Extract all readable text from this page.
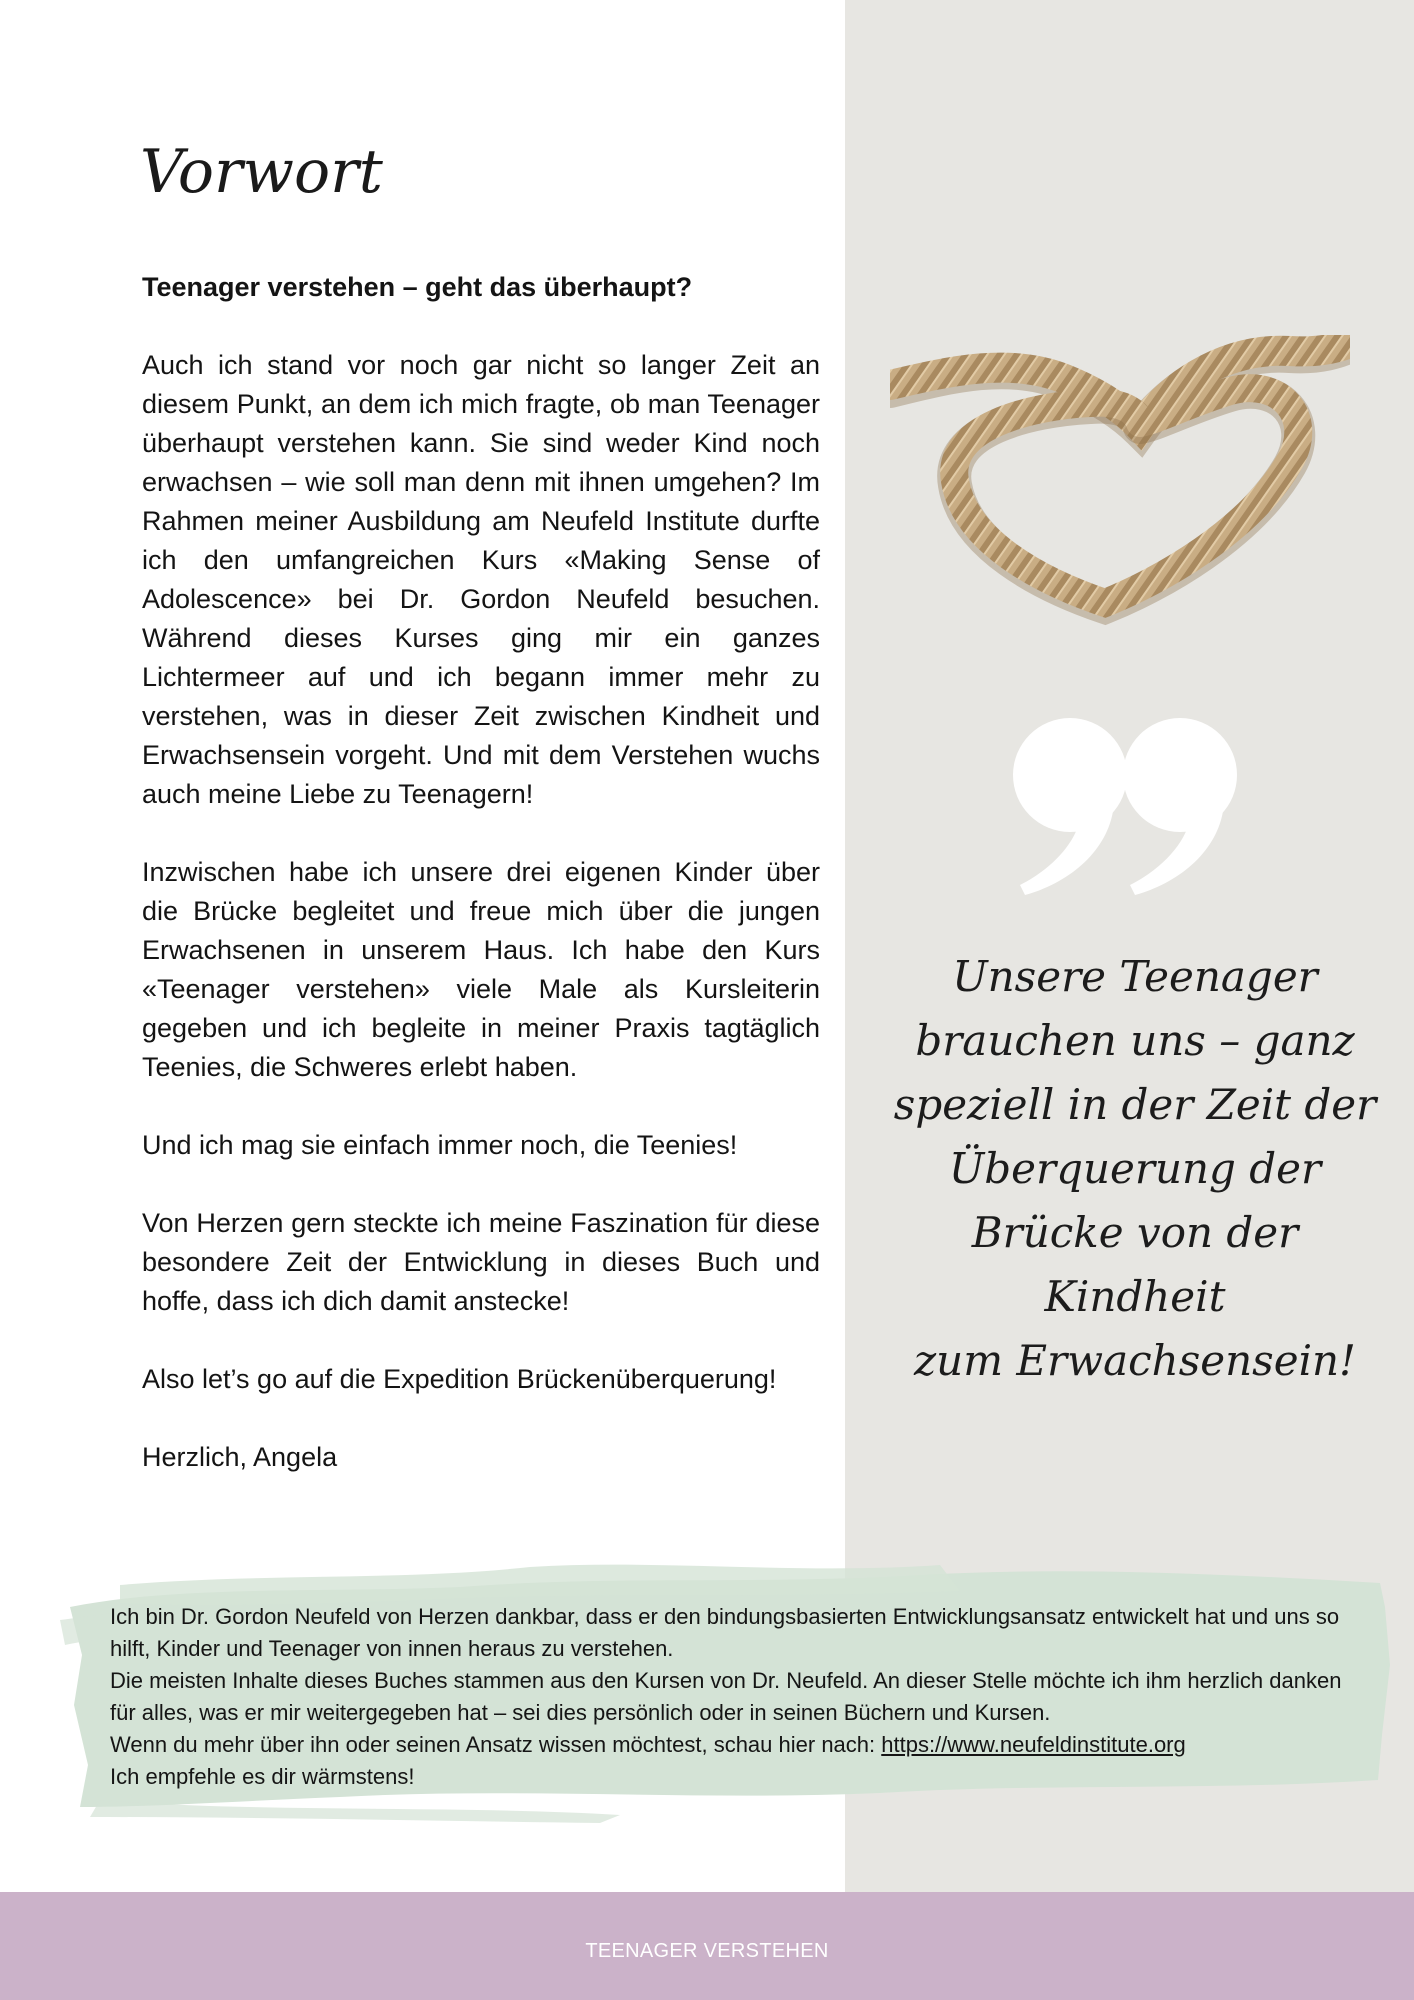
Vorwort
Teenager verstehen – geht das überhaupt?

Auch ich stand vor noch gar nicht so langer Zeit an diesem Punkt, an dem ich mich fragte, ob man Teenager überhaupt verstehen kann. Sie sind weder Kind noch erwachsen – wie soll man denn mit ihnen umgehen? Im Rahmen meiner Ausbildung am Neufeld Institute durfte ich den umfangreichen Kurs «Making Sense of Adolescence» bei Dr. Gordon Neufeld besuchen. Während dieses Kurses ging mir ein ganzes Lichtermeer auf und ich begann immer mehr zu verstehen, was in dieser Zeit zwischen Kindheit und Erwachsensein vorgeht. Und mit dem Verstehen wuchs auch meine Liebe zu Teenagern!

Inzwischen habe ich unsere drei eigenen Kinder über die Brücke begleitet und freue mich über die jungen Erwachsenen in unserem Haus. Ich habe den Kurs «Teenager verstehen» viele Male als Kursleiterin gegeben und ich begleite in meiner Praxis tagtäglich Teenies, die Schweres erlebt haben.

Und ich mag sie einfach immer noch, die Teenies!

Von Herzen gern steckte ich meine Faszination für diese besondere Zeit der Entwicklung in dieses Buch und hoffe, dass ich dich damit anstecke!

Also let’s go auf die Expedition Brückenüberquerung!

Herzlich, Angela

Unsere Teenager
brauchen uns – ganz
speziell in der Zeit der
Überquerung der
Brücke von der Kindheit
zum Erwachsensein!

Ich bin Dr. Gordon Neufeld von Herzen dankbar, dass er den bindungsbasierten Entwicklungsansatz entwickelt hat und uns so hilft, Kinder und Teenager von innen heraus zu verstehen.

Die meisten Inhalte dieses Buches stammen aus den Kursen von Dr. Neufeld. An dieser Stelle möchte ich ihm herzlich danken für alles, was er mir weitergegeben hat – sei dies persönlich oder in seinen Büchern und Kursen.

Wenn du mehr über ihn oder seinen Ansatz wissen möchtest, schau hier nach: https://www.neufeldinstitute.org

Ich empfehle es dir wärmstens!

TEENAGER VERSTEHEN
